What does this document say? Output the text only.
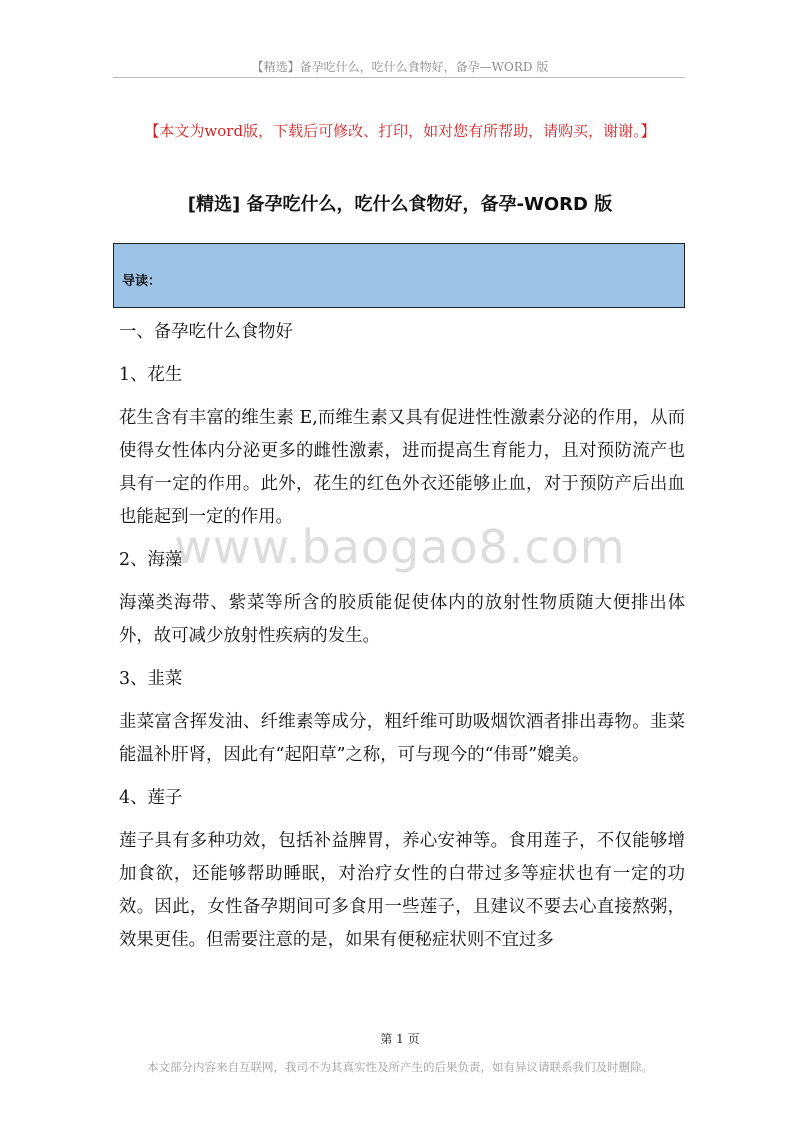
【精选】备孕吃什么，吃什么食物好，备孕—WORD 版
【本文为word版，下载后可修改、打印，如对您有所帮助，请购买，谢谢。】
[精选] 备孕吃什么，吃什么食物好，备孕-WORD 版
导读：
www.baogao8.com

一、备孕吃什么食物好

1、花生

花生含有丰富的维生素 E,而维生素又具有促进性性激素分泌的作用，从而使得女性体内分泌更多的雌性激素，进而提高生育能力，且对预防流产也具有一定的作用。此外，花生的红色外衣还能够止血，对于预防产后出血也能起到一定的作用。

2、海藻

海藻类海带、紫菜等所含的胶质能促使体内的放射性物质随大便排出体外，故可减少放射性疾病的发生。

3、韭菜

韭菜富含挥发油、纤维素等成分，粗纤维可助吸烟饮酒者排出毒物。韭菜能温补肝肾，因此有“起阳草”之称，可与现今的“伟哥”媲美。

4、莲子

莲子具有多种功效，包括补益脾胃，养心安神等。食用莲子，不仅能够增加食欲，还能够帮助睡眠，对治疗女性的白带过多等症状也有一定的功效。因此，女性备孕期间可多食用一些莲子，且建议不要去心直接熬粥，效果更佳。但需要注意的是，如果有便秘症状则不宜过多

第 1 页
本文部分内容来自互联网，我司不为其真实性及所产生的后果负责，如有异议请联系我们及时删除。
